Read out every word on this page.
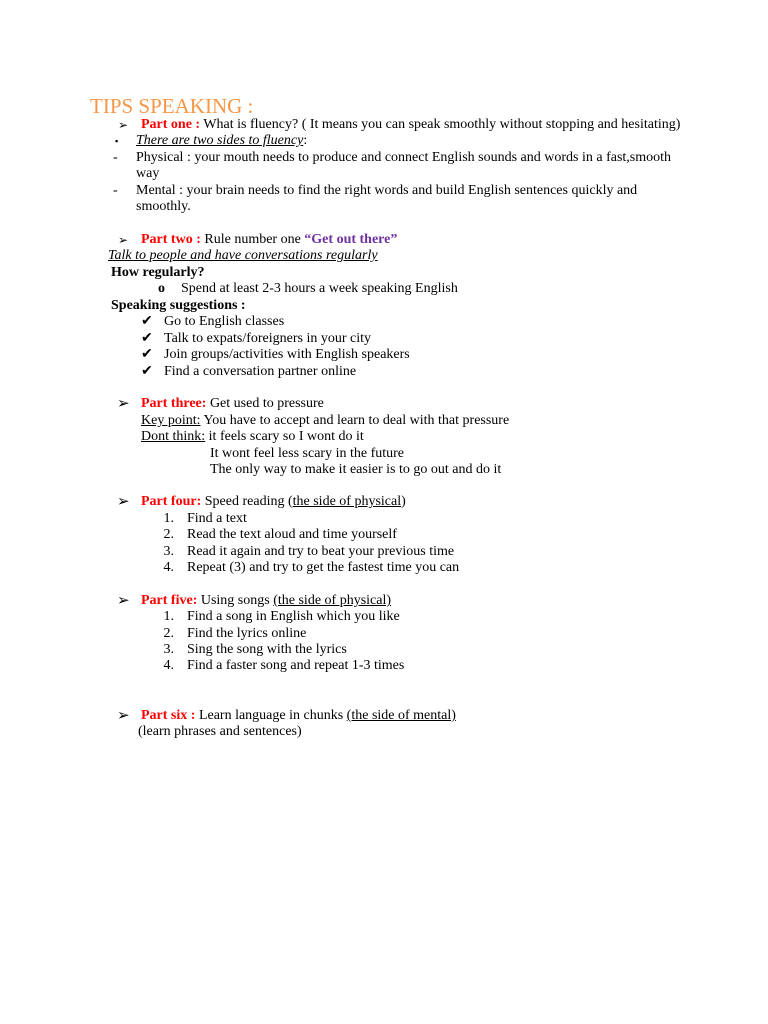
TIPS SPEAKING :
➢ Part one : What is fluency? ( It means you can speak smoothly without stopping and hesitating)
▪ There are two sides to fluency:
- Physical : your mouth needs to produce and connect English sounds and words in a fast,smooth
way
- Mental : your brain needs to find the right words and build English sentences quickly and
smoothly.
➢ Part two : Rule number one “Get out there”
Talk to people and have conversations regularly
How regularly?
o Spend at least 2-3 hours a week speaking English
Speaking suggestions :
✔ Go to English classes
✔ Talk to expats/foreigners in your city
✔ Join groups/activities with English speakers
✔ Find a conversation partner online
➢ Part three: Get used to pressure
Key point: You have to accept and learn to deal with that pressure
Dont think: it feels scary so I wont do it
It wont feel less scary in the future
The only way to make it easier is to go out and do it
➢ Part four: Speed reading (the side of physical)
1. Find a text
2. Read the text aloud and time yourself
3. Read it again and try to beat your previous time
4. Repeat (3) and try to get the fastest time you can
➢ Part five: Using songs (the side of physical)
1. Find a song in English which you like
2. Find the lyrics online
3. Sing the song with the lyrics
4. Find a faster song and repeat 1-3 times
➢ Part six : Learn language in chunks (the side of mental)
(learn phrases and sentences)
